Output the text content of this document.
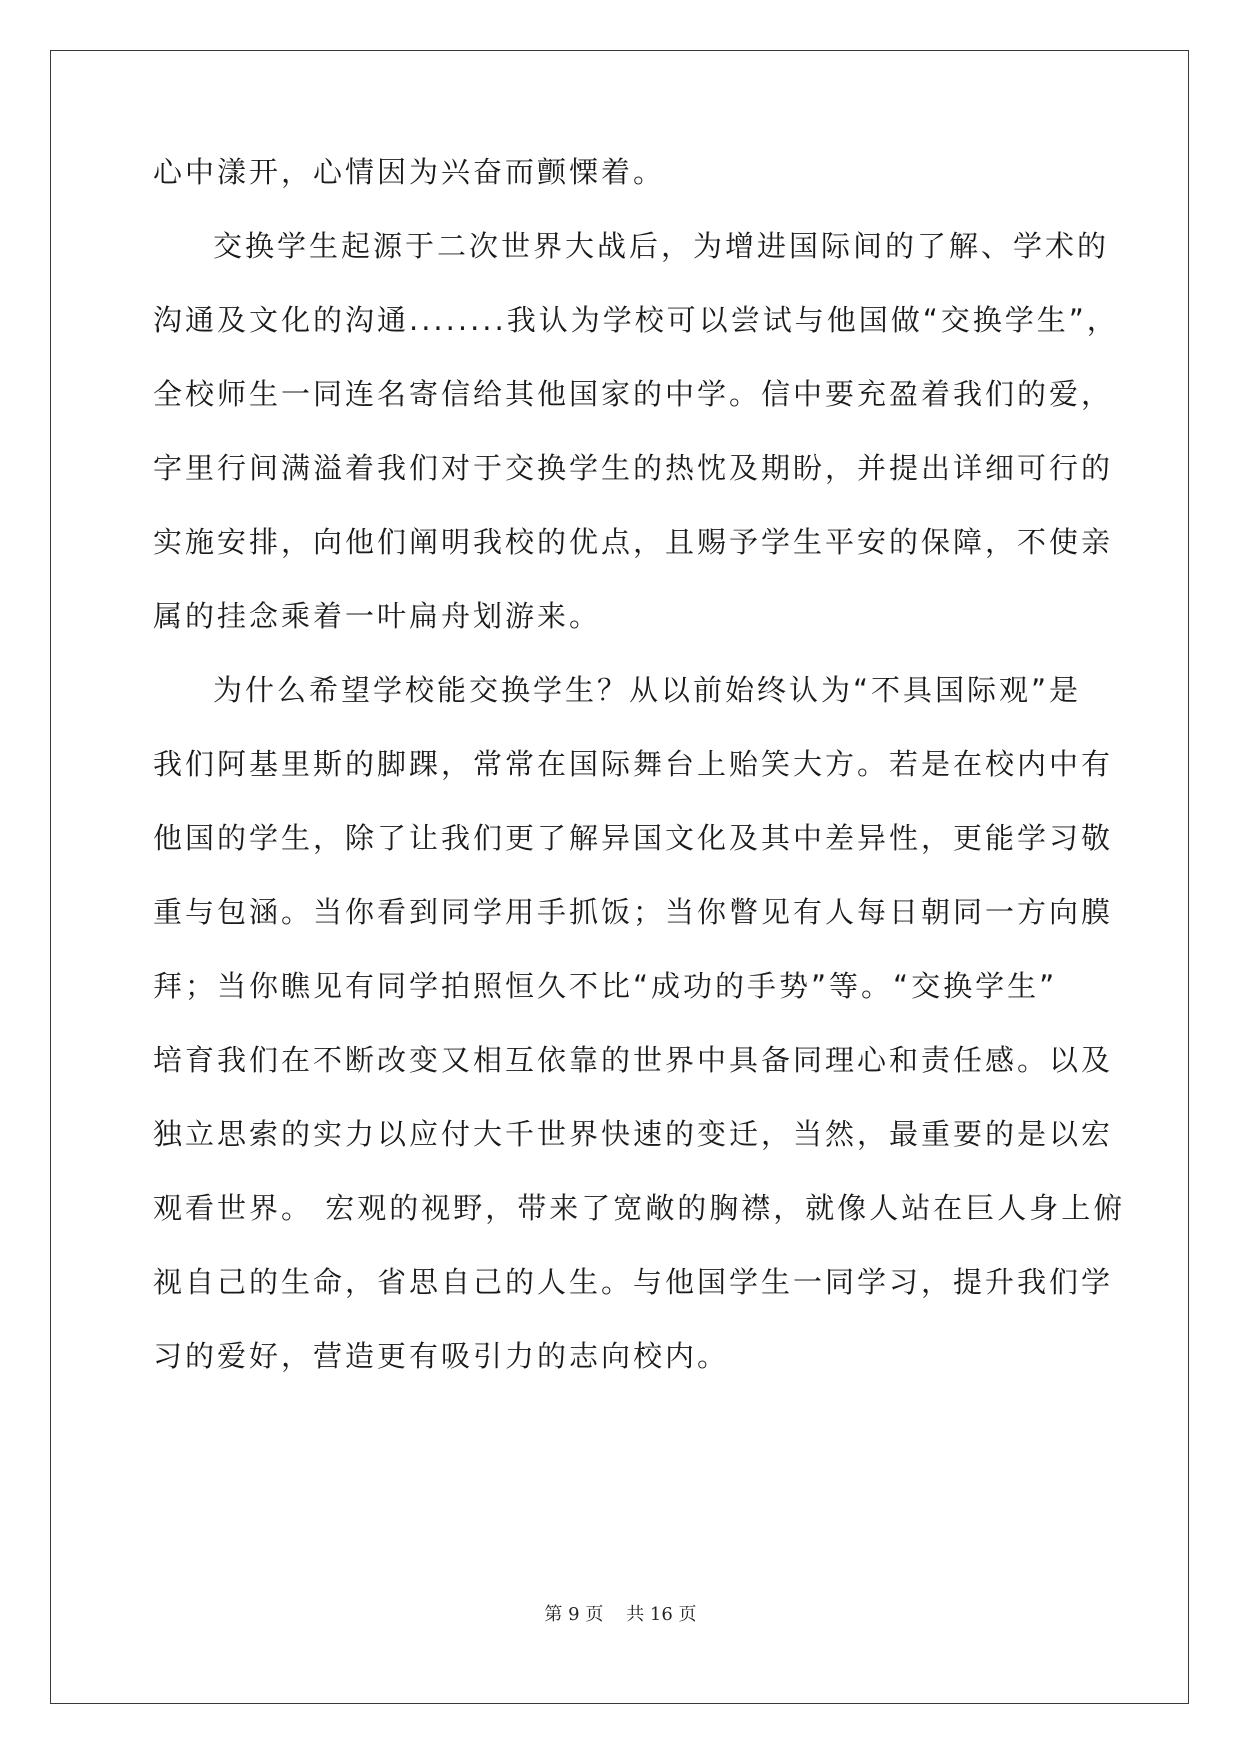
心中漾开，心情因为兴奋而颤慄着。

交换学生起源于二次世界大战后，为增进国际间的了解、学术的

沟通及文化的沟通........我认为学校可以尝试与他国做“交换学生”，

全校师生一同连名寄信给其他国家的中学。信中要充盈着我们的爱，

字里行间满溢着我们对于交换学生的热忱及期盼，并提出详细可行的

实施安排，向他们阐明我校的优点，且赐予学生平安的保障，不使亲

属的挂念乘着一叶扁舟划游来。

为什么希望学校能交换学生？从以前始终认为“不具国际观”是

我们阿基里斯的脚踝，常常在国际舞台上贻笑大方。若是在校内中有

他国的学生，除了让我们更了解异国文化及其中差异性，更能学习敬

重与包涵。当你看到同学用手抓饭；当你瞥见有人每日朝同一方向膜

拜；当你瞧见有同学拍照恒久不比“成功的手势”等。“交换学生”

培育我们在不断改变又相互依靠的世界中具备同理心和责任感。以及

独立思索的实力以应付大千世界快速的变迁，当然，最重要的是以宏

观看世界。 宏观的视野，带来了宽敞的胸襟，就像人站在巨人身上俯

视自己的生命，省思自己的人生。与他国学生一同学习，提升我们学

习的爱好，营造更有吸引力的志向校内。

第 9 页    共 16 页
